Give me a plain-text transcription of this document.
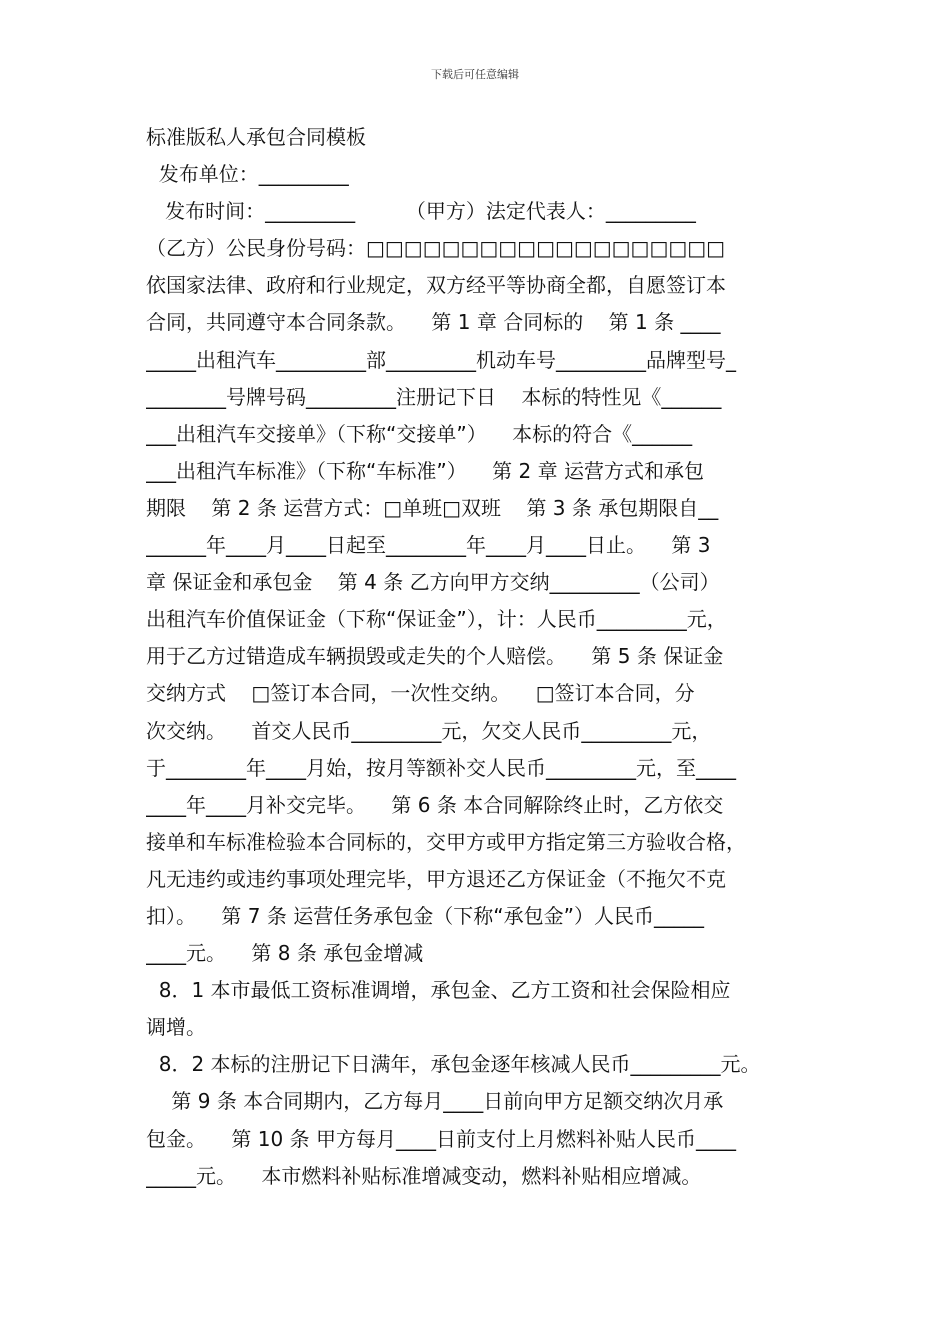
下载后可任意编辑
标准版私人承包合同模板
发布单位：_________
发布时间：_________        （甲方）法定代表人：_________
（乙方）公民身份号码：□□□□□□□□□□□□□□□□□□□
依国家法律、政府和行业规定，双方经平等协商全都，自愿签订本
合同，共同遵守本合同条款。    第 1 章 合同标的    第 1 条 ____
_____出租汽车_________部_________机动车号_________品牌型号_
________号牌号码_________注册记下日    本标的特性见《______
___出租汽车交接单》（下称“交接单”）    本标的符合《______
___出租汽车标准》（下称“车标准”）    第 2 章 运营方式和承包
期限    第 2 条 运营方式：□单班□双班    第 3 条 承包期限自__
______年____月____日起至________年____月____日止。    第 3
章 保证金和承包金    第 4 条 乙方向甲方交纳_________（公司）
出租汽车价值保证金（下称“保证金”），计：人民币_________元，
用于乙方过错造成车辆损毁或走失的个人赔偿。    第 5 条 保证金
交纳方式    □签订本合同，一次性交纳。    □签订本合同，分
次交纳。    首交人民币_________元，欠交人民币_________元，
于________年____月始，按月等额补交人民币_________元，至____
____年____月补交完毕。    第 6 条 本合同解除终止时，乙方依交
接单和车标准检验本合同标的，交甲方或甲方指定第三方验收合格，
凡无违约或违约事项处理完毕，甲方退还乙方保证金（不拖欠不克
扣）。    第 7 条 运营任务承包金（下称“承包金”）人民币_____
____元。    第 8 条 承包金增减
8．1 本市最低工资标准调增，承包金、乙方工资和社会保险相应
调增。
8．2 本标的注册记下日满年，承包金逐年核减人民币_________元。
第 9 条 本合同期内，乙方每月____日前向甲方足额交纳次月承
包金。    第 10 条 甲方每月____日前支付上月燃料补贴人民币____
_____元。    本市燃料补贴标准增减变动，燃料补贴相应增减。
